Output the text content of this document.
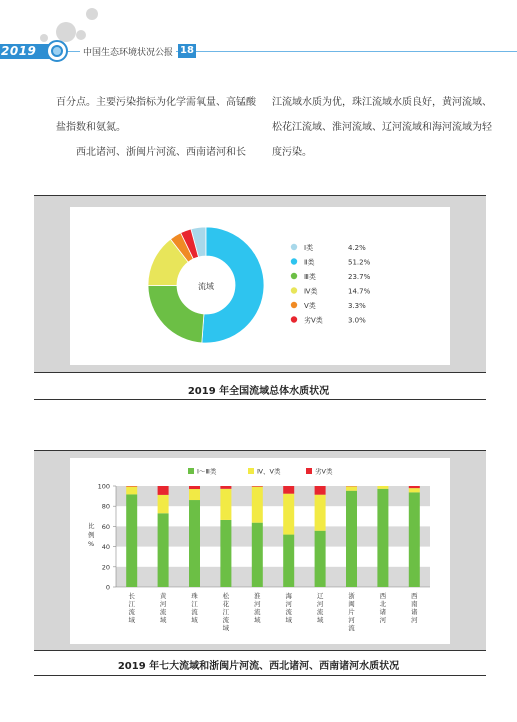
2019	中国生态环境状况公报 18

百分点。主要污染指标为化学需氧量、高锰酸盐指数和氨氮。

西北诸河、浙闽片河流、西南诸河和长

江流域水质为优，珠江流域水质良好，黄河流域、松花江流域、淮河流域、辽河流域和海河流域为轻度污染。

流域
Ⅰ类	4.2%
Ⅱ类	51.2%
Ⅲ类	23.7%
Ⅳ类	14.7%
Ⅴ类	3.3%
劣Ⅴ类	3.0%
2019 年全国流域总体水质状况
0
20
40
60
80
100
比例%
长江流域
黄河流域
珠江流域
松花江流域
淮河流域
海河流域
辽河流域
浙闽片河流
西北诸河
西南诸河
Ⅰ～Ⅲ类	Ⅳ、Ⅴ类	劣Ⅴ类
2019 年七大流域和浙闽片河流、西北诸河、西南诸河水质状况
